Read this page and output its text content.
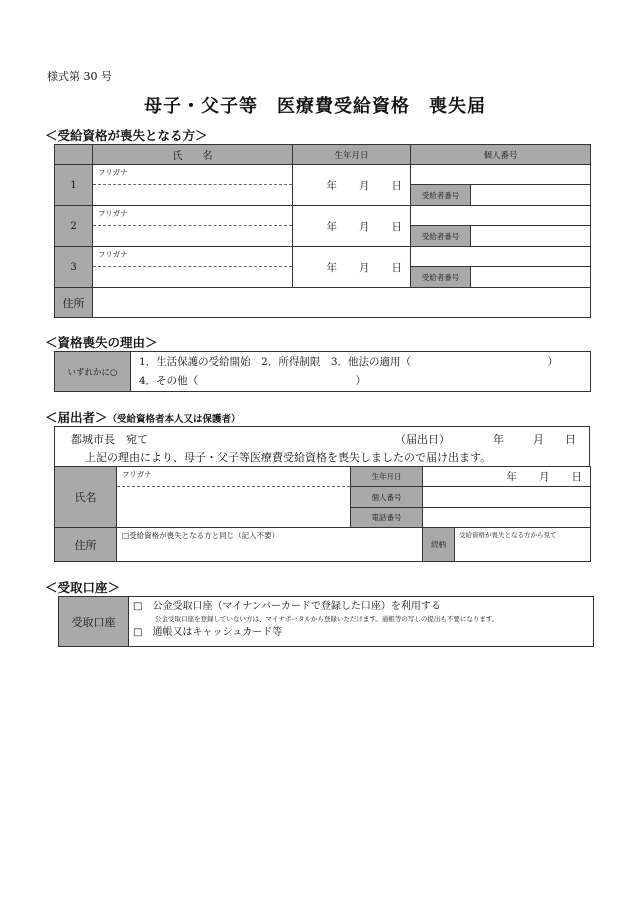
様式第 30 号
母子・父子等　医療費受給資格　喪失届
＜受給資格が喪失となる方＞
	氏　　名	生年月日	個人番号	
1	フリガナ	年 月 日		

			受給者番号	
2	フリガナ	年 月 日		

			受給者番号	
3	フリガナ	年 月 日		

			受給者番号	
住所				
＜資格喪失の理由＞
いずれかに○	
1．生活保護の受給開始　2．所得制限　3．他法の適用（　　　　　　　　　　　　　）
4．その他（　　　　　　　　　　　　　　　）
＜届出者＞（受給資格者本人又は保護者）
都城市長　宛て	（届出日）	年	月 日
上記の理由により、母子・父子等医療費受給資格を喪失しましたので届け出ます。
氏名	フリガナ	生年月日	年 月 日	

		個人番号		

		電話番号		
住所	□受給資格が喪失となる方と同じ（記入不要）		続柄	受給資格が喪失となる方から見て
＜受取口座＞
受取口座	
□　公金受取口座（マイナンバーカードで登録した口座）を利用する
公金受取口座を登録していない方は、マイナポータルから登録いただけます。通帳等の写しの提出も不要になります。
□　通帳又はキャッシュカード等
